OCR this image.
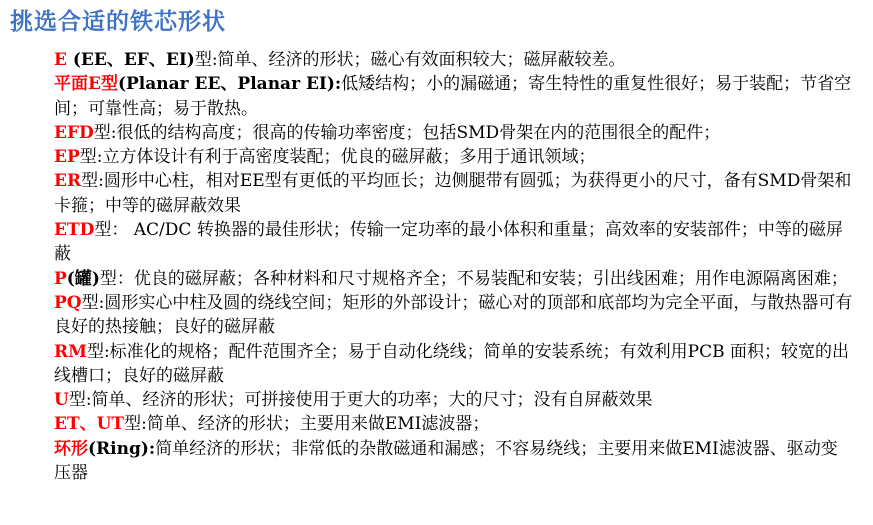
挑选合适的铁芯形状

E (EE、EF、EI)型:简单、经济的形状；磁心有效面积较大；磁屏蔽较差。

平面E型(Planar EE、Planar EI):低矮结构；小的漏磁通；寄生特性的重复性很好；易于装配；节省空间；可靠性高；易于散热。

EFD型:很低的结构高度；很高的传输功率密度；包括SMD骨架在内的范围很全的配件；

EP型:立方体设计有利于高密度装配；优良的磁屏蔽；多用于通讯领域；

ER型:圆形中心柱，相对EE型有更低的平均匝长；边侧腿带有圆弧；为获得更小的尺寸，备有SMD骨架和卡箍；中等的磁屏蔽效果

ETD型： AC/DC 转换器的最佳形状；传输一定功率的最小体积和重量；高效率的安装部件；中等的磁屏蔽

P(罐)型：优良的磁屏蔽；各种材料和尺寸规格齐全；不易装配和安装；引出线困难；用作电源隔离困难；

PQ型:圆形实心中柱及圆的绕线空间；矩形的外部设计；磁心对的顶部和底部均为完全平面，与散热器可有良好的热接触；良好的磁屏蔽

RM型:标准化的规格；配件范围齐全；易于自动化绕线；简单的安装系统；有效利用PCB 面积；较宽的出线槽口；良好的磁屏蔽

U型:简单、经济的形状；可拼接使用于更大的功率；大的尺寸；没有自屏蔽效果

ET、UT型:简单、经济的形状；主要用来做EMI滤波器；

环形(Ring):简单经济的形状；非常低的杂散磁通和漏感；不容易绕线；主要用来做EMI滤波器、驱动变压器
